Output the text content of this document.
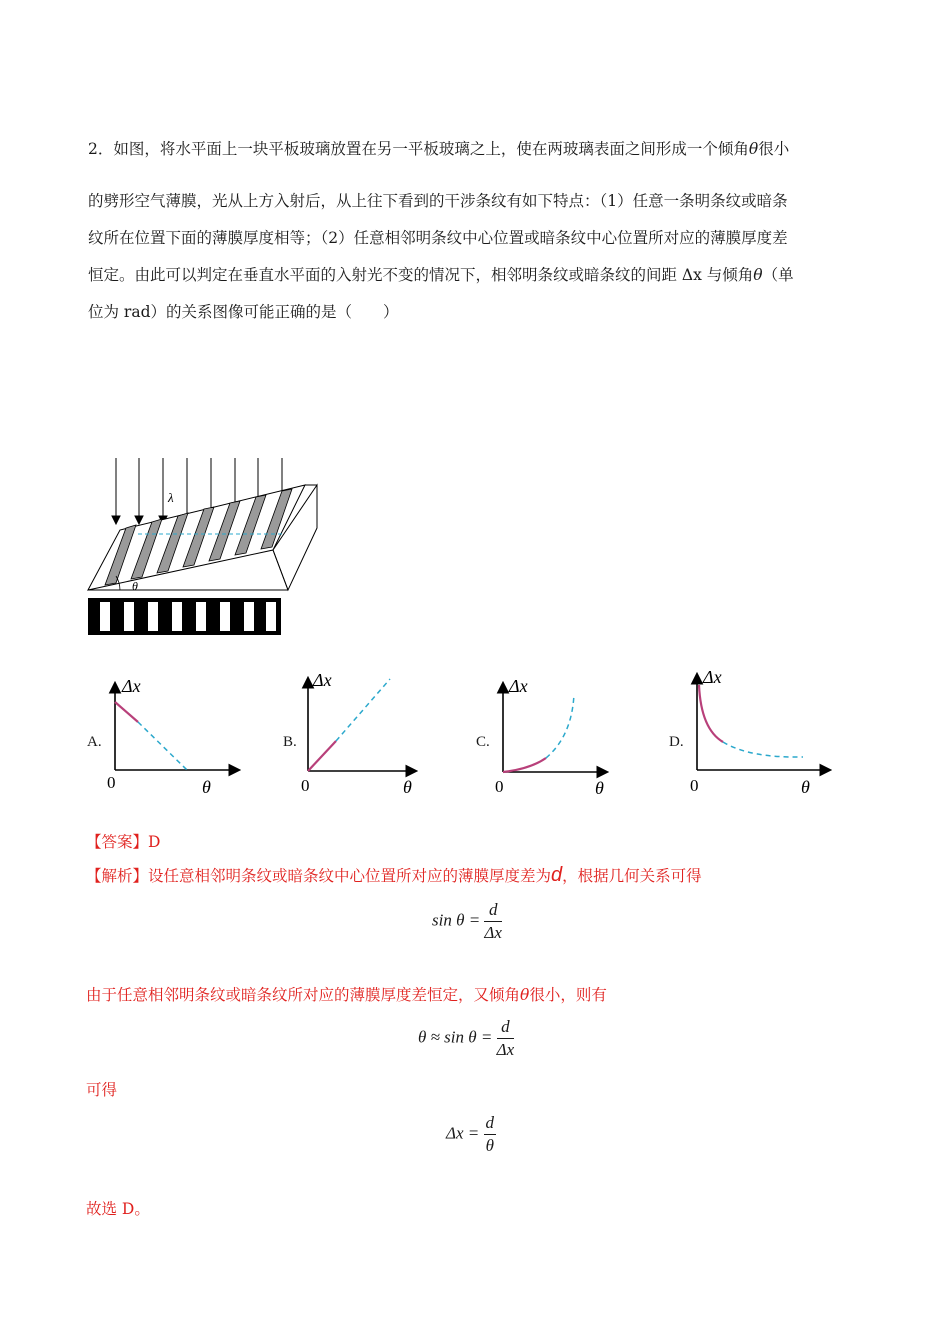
2．如图，将水平面上一块平板玻璃放置在另一平板玻璃之上，使在两玻璃表面之间形成一个倾角θ很小

的劈形空气薄膜，光从上方入射后，从上往下看到的干涉条纹有如下特点：（1）任意一条明条纹或暗条

纹所在位置下面的薄膜厚度相等；（2）任意相邻明条纹中心位置或暗条纹中心位置所对应的薄膜厚度差

恒定。由此可以判定在垂直水平面的入射光不变的情况下，相邻明条纹或暗条纹的间距 Δx 与倾角θ（单

位为 rad）的关系图像可能正确的是（　　）

λ
θ
A.
Δx
θ
0
B.
Δx
θ
0
C.
Δx
θ
0
D.
Δx
θ
0
【答案】D
【解析】设任意相邻明条纹或暗条纹中心位置所对应的薄膜厚度差为d，根据几何关系可得
$\sin \theta = \frac{d}{\Delta x}$
由于任意相邻明条纹或暗条纹所对应的薄膜厚度差恒定，又倾角θ很小，则有
$\theta \approx \sin \theta = \frac{d}{\Delta x}$
可得
$\Delta x = \frac{d}{\theta}$
故选 D。
